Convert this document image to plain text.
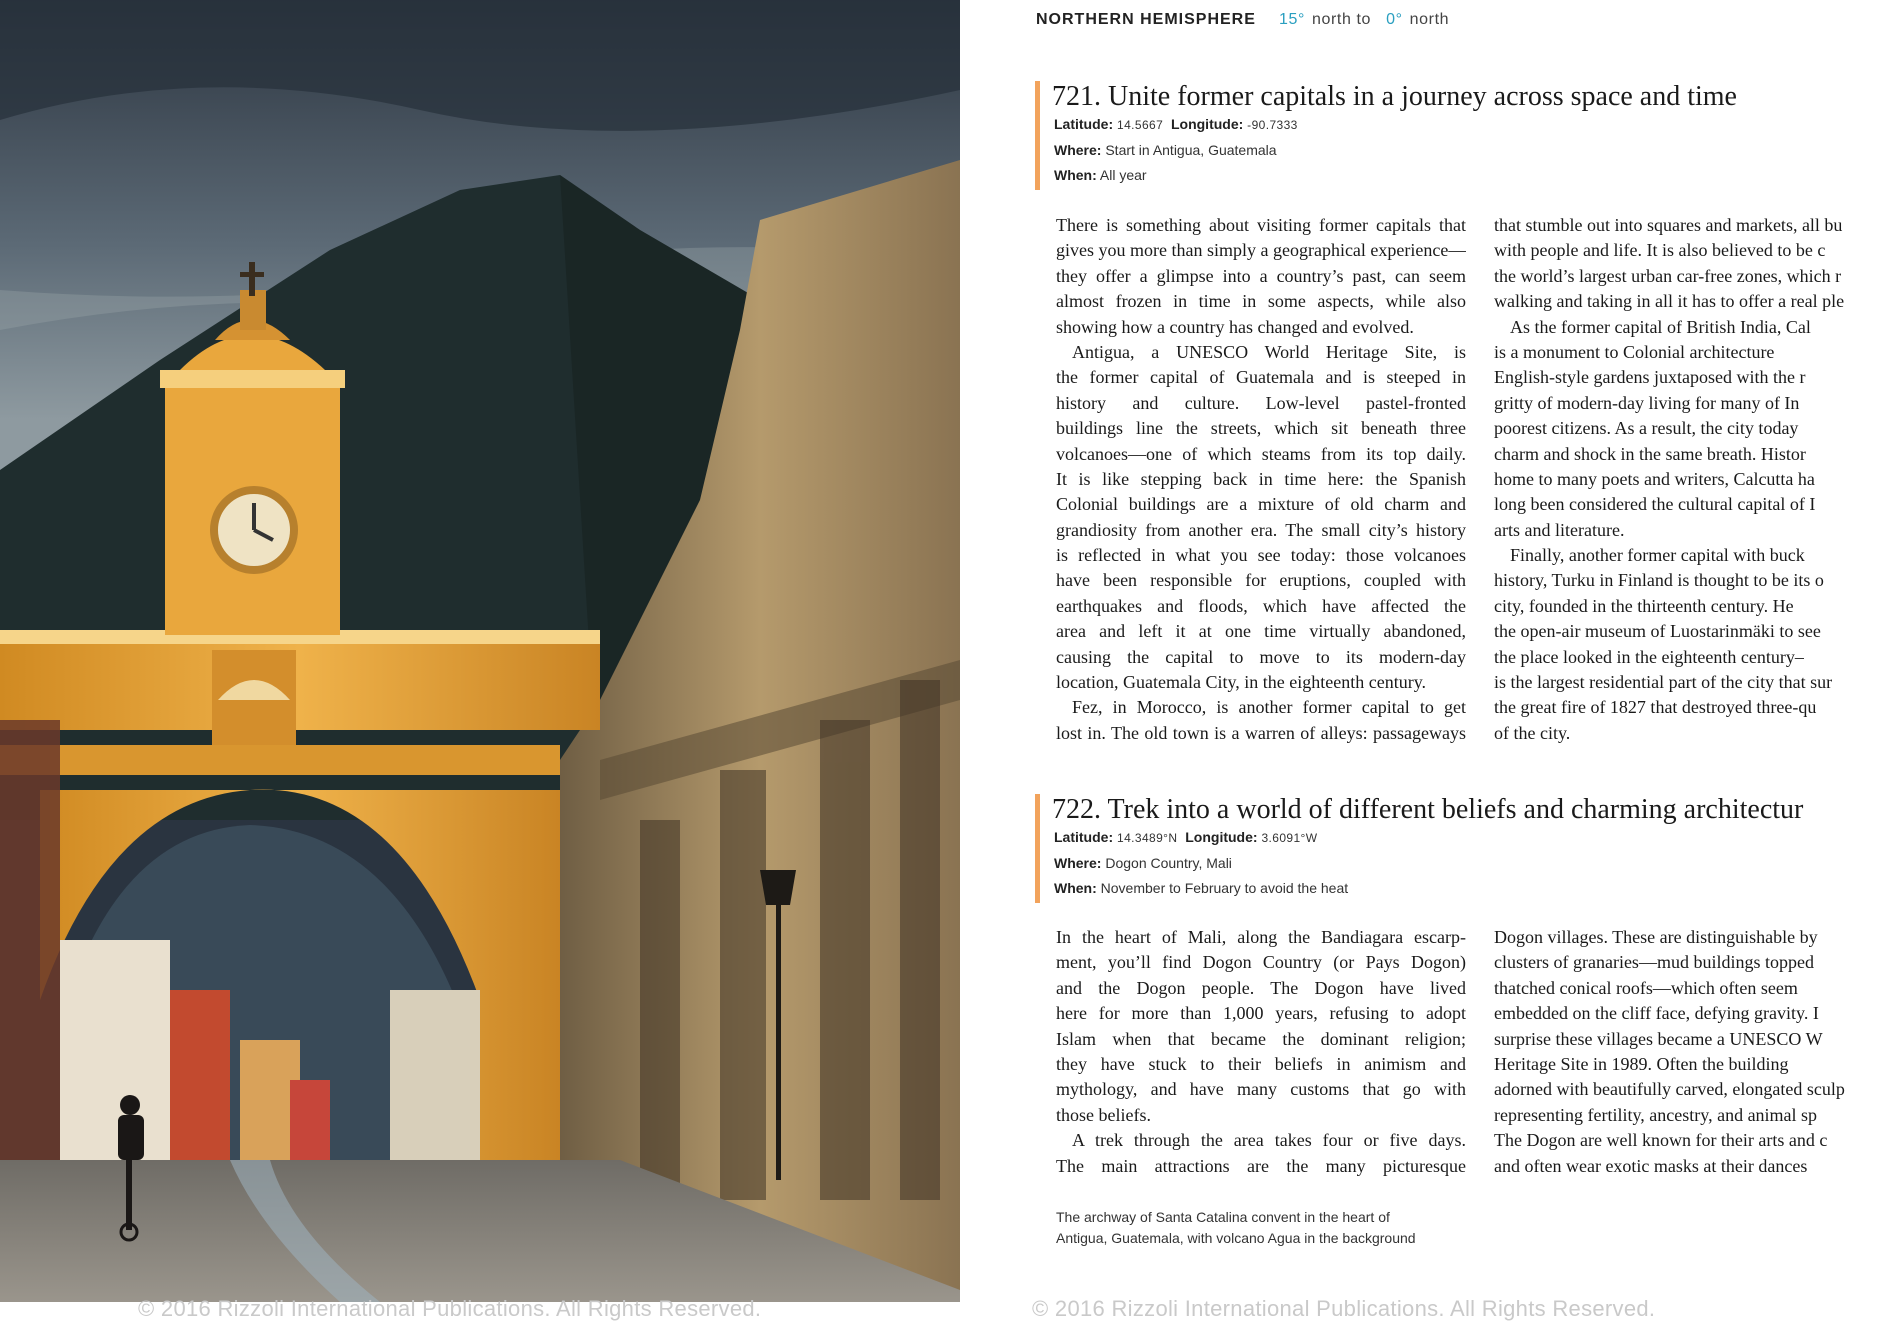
NORTHERN HEMISPHERE 15° north to 0° north
721. Unite former capitals in a journey across space and time
Latitude: 14.5667 Longitude: -90.7333
Where: Start in Antigua, Guatemala
When: All year
There is something about visiting former capitals that
gives you more than simply a geographical experience—
they offer a glimpse into a country’s past, can seem
almost frozen in time in some aspects, while also
showing how a country has changed and evolved.
Antigua, a UNESCO World Heritage Site, is
the former capital of Guatemala and is steeped in
history and culture. Low-level pastel-fronted
buildings line the streets, which sit beneath three
volcanoes—one of which steams from its top daily.
It is like stepping back in time here: the Spanish
Colonial buildings are a mixture of old charm and
grandiosity from another era. The small city’s history
is reflected in what you see today: those volcanoes
have been responsible for eruptions, coupled with
earthquakes and floods, which have affected the
area and left it at one time virtually abandoned,
causing the capital to move to its modern-day
location, Guatemala City, in the eighteenth century.
Fez, in Morocco, is another former capital to get
lost in. The old town is a warren of alleys: passageways
that stumble out into squares and markets, all bu
with people and life. It is also believed to be c
the world’s largest urban car-free zones, which r
walking and taking in all it has to offer a real ple
As the former capital of British India, Cal
is a monument to Colonial architecture
English-style gardens juxtaposed with the r
gritty of modern-day living for many of In
poorest citizens. As a result, the city today
charm and shock in the same breath. Histor
home to many poets and writers, Calcutta ha
long been considered the cultural capital of I
arts and literature.
Finally, another former capital with buck
history, Turku in Finland is thought to be its o
city, founded in the thirteenth century. He
the open-air museum of Luostarinmäki to see
the place looked in the eighteenth century–
is the largest residential part of the city that sur
the great fire of 1827 that destroyed three-qu
of the city.
722. Trek into a world of different beliefs and charming architectur
Latitude: 14.3489°N Longitude: 3.6091°W
Where: Dogon Country, Mali
When: November to February to avoid the heat
In the heart of Mali, along the Bandiagara escarp-
ment, you’ll find Dogon Country (or Pays Dogon)
and the Dogon people. The Dogon have lived
here for more than 1,000 years, refusing to adopt
Islam when that became the dominant religion;
they have stuck to their beliefs in animism and
mythology, and have many customs that go with
those beliefs.
A trek through the area takes four or five days.
The main attractions are the many picturesque
Dogon villages. These are distinguishable by
clusters of granaries—mud buildings topped
thatched conical roofs—which often seem
embedded on the cliff face, defying gravity. I
surprise these villages became a UNESCO W
Heritage Site in 1989. Often the building
adorned with beautifully carved, elongated sculp
representing fertility, ancestry, and animal sp
The Dogon are well known for their arts and c
and often wear exotic masks at their dances
The archway of Santa Catalina convent in the heart of
Antigua, Guatemala, with volcano Agua in the background
© 2016 Rizzoli International Publications. All Rights Reserved.	© 2016 Rizzoli International Publications. All Rights Reserved.
